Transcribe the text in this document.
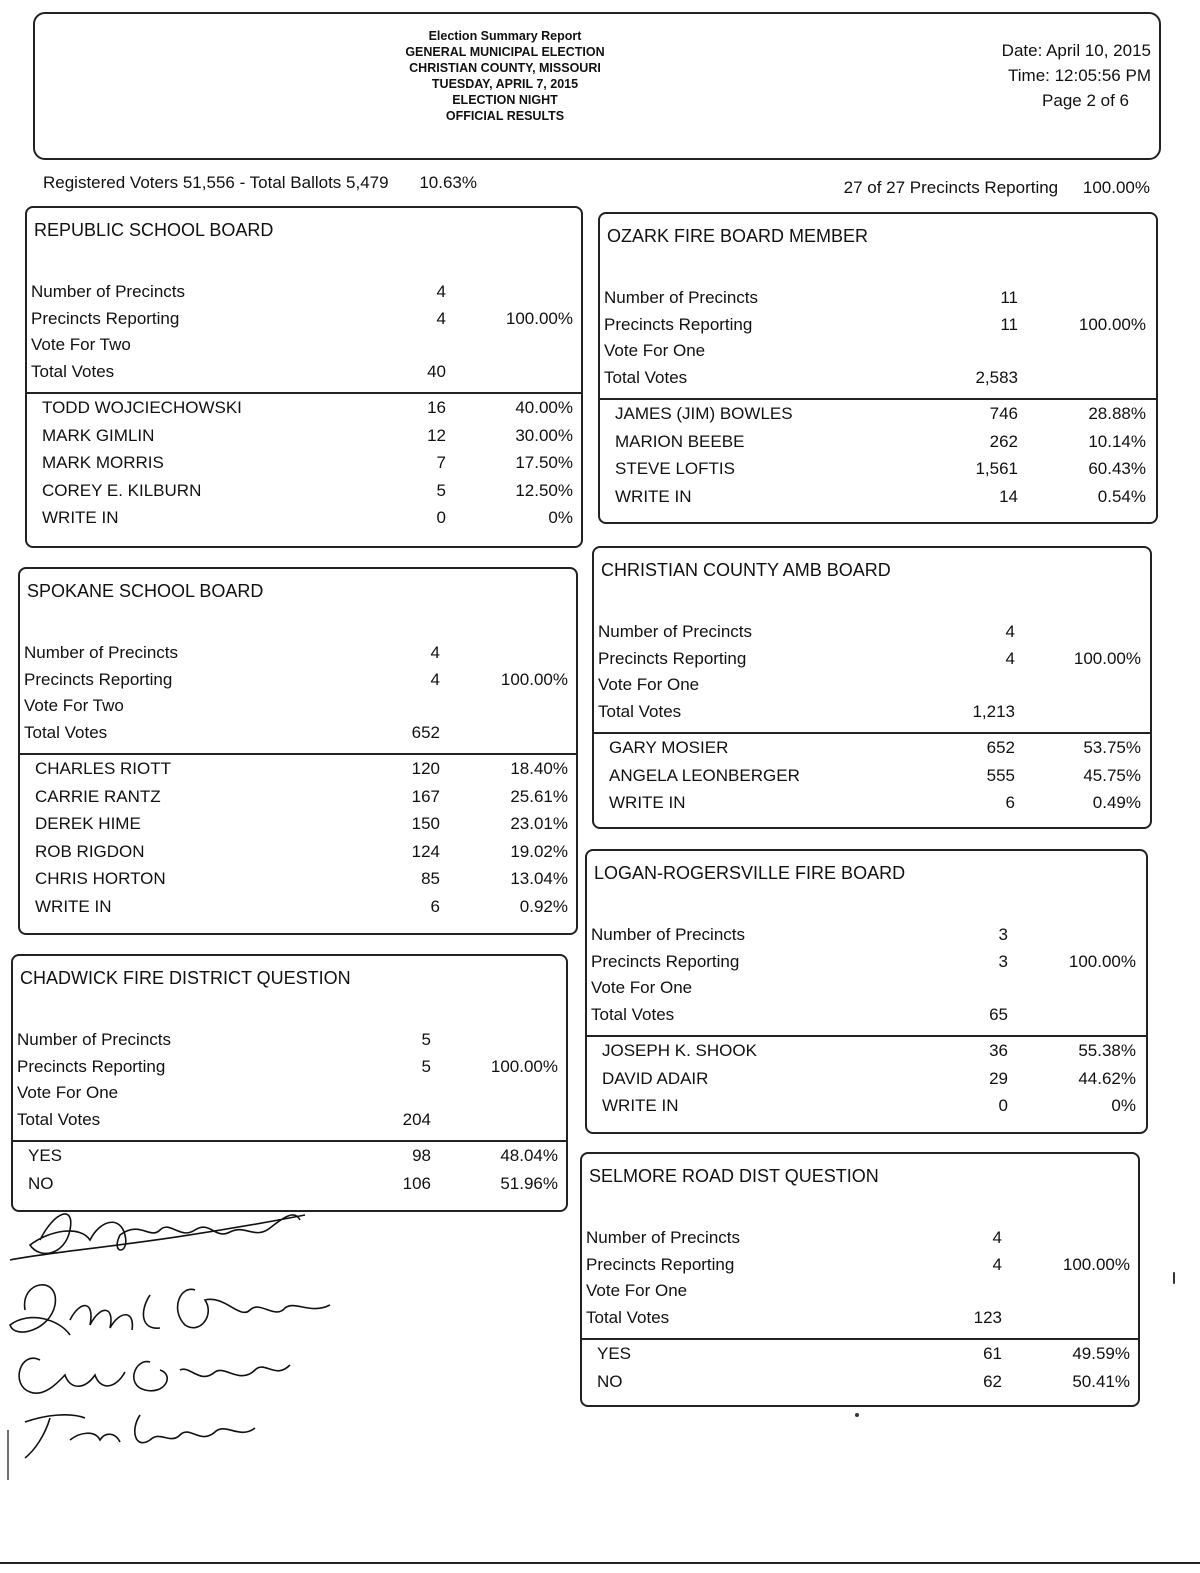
Election Summary Report
GENERAL MUNICIPAL ELECTION
CHRISTIAN COUNTY, MISSOURI
TUESDAY, APRIL 7, 2015
ELECTION NIGHT
OFFICIAL RESULTS
Date: April 10, 2015
Time: 12:05:56 PM
Page 2 of 6
Registered Voters 51,556 - Total Ballots 5,479 10.63%	27 of 27 Precincts Reporting 100.00%
REPUBLIC SCHOOL BOARD
Number of Precincts	4
Precincts Reporting	4	100.00%
Vote For Two
Total Votes	40
TODD WOJCIECHOWSKI	16	40.00%
MARK GIMLIN	12	30.00%
MARK MORRIS	7	17.50%
COREY E. KILBURN	5	12.50%
WRITE IN	0	0%
SPOKANE SCHOOL BOARD
Number of Precincts	4
Precincts Reporting	4	100.00%
Vote For Two
Total Votes	652
CHARLES RIOTT	120	18.40%
CARRIE RANTZ	167	25.61%
DEREK HIME	150	23.01%
ROB RIGDON	124	19.02%
CHRIS HORTON	85	13.04%
WRITE IN	6	0.92%
CHADWICK FIRE DISTRICT QUESTION
Number of Precincts	5
Precincts Reporting	5	100.00%
Vote For One
Total Votes	204
YES	98	48.04%
NO	106	51.96%
OZARK FIRE BOARD MEMBER
Number of Precincts	11
Precincts Reporting	11	100.00%
Vote For One
Total Votes	2,583
JAMES (JIM) BOWLES	746	28.88%
MARION BEEBE	262	10.14%
STEVE LOFTIS	1,561	60.43%
WRITE IN	14	0.54%
CHRISTIAN COUNTY AMB BOARD
Number of Precincts	4
Precincts Reporting	4	100.00%
Vote For One
Total Votes	1,213
GARY MOSIER	652	53.75%
ANGELA LEONBERGER	555	45.75%
WRITE IN	6	0.49%
LOGAN-ROGERSVILLE FIRE BOARD
Number of Precincts	3
Precincts Reporting	3	100.00%
Vote For One
Total Votes	65
JOSEPH K. SHOOK	36	55.38%
DAVID ADAIR	29	44.62%
WRITE IN	0	0%
SELMORE ROAD DIST QUESTION
Number of Precincts	4
Precincts Reporting	4	100.00%
Vote For One
Total Votes	123
YES	61	49.59%
NO	62	50.41%
